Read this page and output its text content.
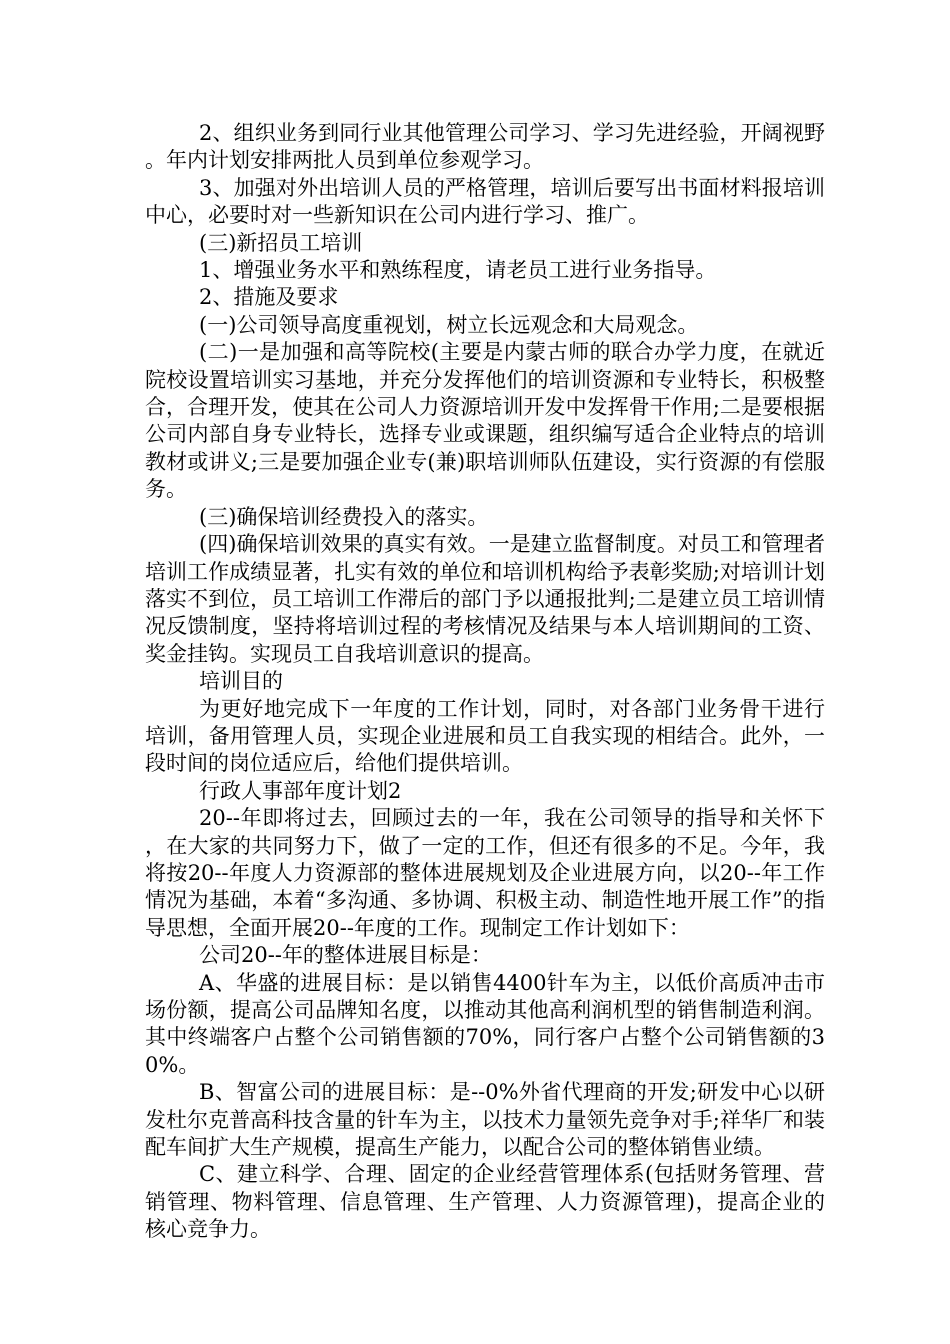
2、组织业务到同行业其他管理公司学习、学习先进经验，开阔视野。年内计划安排两批人员到单位参观学习。

3、加强对外出培训人员的严格管理，培训后要写出书面材料报培训中心，必要时对一些新知识在公司内进行学习、推广。

(三)新招员工培训

1、增强业务水平和熟练程度，请老员工进行业务指导。

2、措施及要求

(一)公司领导高度重视划，树立长远观念和大局观念。

(二)一是加强和高等院校(主要是内蒙古师的联合办学力度，在就近院校设置培训实习基地，并充分发挥他们的培训资源和专业特长，积极整合，合理开发，使其在公司人力资源培训开发中发挥骨干作用;二是要根据公司内部自身专业特长，选择专业或课题，组织编写适合企业特点的培训教材或讲义;三是要加强企业专(兼)职培训师队伍建设，实行资源的有偿服务。

(三)确保培训经费投入的落实。

(四)确保培训效果的真实有效。一是建立监督制度。对员工和管理者培训工作成绩显著，扎实有效的单位和培训机构给予表彰奖励;对培训计划落实不到位，员工培训工作滞后的部门予以通报批判;二是建立员工培训情况反馈制度，坚持将培训过程的考核情况及结果与本人培训期间的工资、奖金挂钩。实现员工自我培训意识的提高。

培训目的

为更好地完成下一年度的工作计划，同时，对各部门业务骨干进行培训，备用管理人员，实现企业进展和员工自我实现的相结合。此外，一段时间的岗位适应后，给他们提供培训。

行政人事部年度计划2

20--年即将过去，回顾过去的一年，我在公司领导的指导和关怀下，在大家的共同努力下，做了一定的工作，但还有很多的不足。今年，我将按20--年度人力资源部的整体进展规划及企业进展方向，以20--年工作情况为基础，本着“多沟通、多协调、积极主动、制造性地开展工作”的指导思想，全面开展20--年度的工作。现制定工作计划如下：

公司20--年的整体进展目标是：

A、华盛的进展目标：是以销售4400针车为主，以低价高质冲击市场份额，提高公司品牌知名度，以推动其他高利润机型的销售制造利润。其中终端客户占整个公司销售额的70%，同行客户占整个公司销售额的30%。

B、智富公司的进展目标：是--0%外省代理商的开发;研发中心以研发杜尔克普高科技含量的针车为主，以技术力量领先竞争对手;祥华厂和装配车间扩大生产规模，提高生产能力，以配合公司的整体销售业绩。

C、建立科学、合理、固定的企业经营管理体系(包括财务管理、营销管理、物料管理、信息管理、生产管理、人力资源管理)，提高企业的核心竞争力。
